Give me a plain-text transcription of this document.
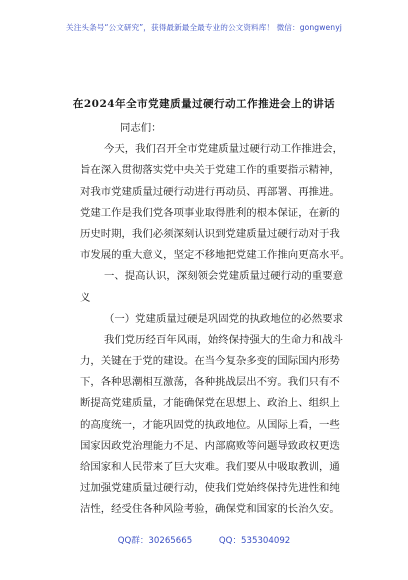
关注头条号“公文研究”，获得最新最全最专业的公文资料库！ 微信：gongwenyj
在2024年全市党建质量过硬行动工作推进会上的讲话
同志们：
今天，我们召开全市党建质量过硬行动工作推进会，
旨在深入贯彻落实党中央关于党建工作的重要指示精神，
对我市党建质量过硬行动进行再动员、再部署、再推进。
党建工作是我们党各项事业取得胜利的根本保证，在新的
历史时期，我们必须深刻认识到党建质量过硬行动对于我
市发展的重大意义，坚定不移地把党建工作推向更高水平。
一、提高认识，深刻领会党建质量过硬行动的重要意
义
（一）党建质量过硬是巩固党的执政地位的必然要求
我们党历经百年风雨，始终保持强大的生命力和战斗
力，关键在于党的建设。在当今复杂多变的国际国内形势
下，各种思潮相互激荡，各种挑战层出不穷。我们只有不
断提高党建质量，才能确保党在思想上、政治上、组织上
的高度统一，才能巩固党的执政地位。从国际上看，一些
国家因政党治理能力不足、内部腐败等问题导致政权更迭
给国家和人民带来了巨大灾难。我们要从中吸取教训，通
过加强党建质量过硬行动，使我们党始终保持先进性和纯
洁性，经受住各种风险考验，确保党和国家的长治久安。
QQ群：30265665	QQ：535304092
